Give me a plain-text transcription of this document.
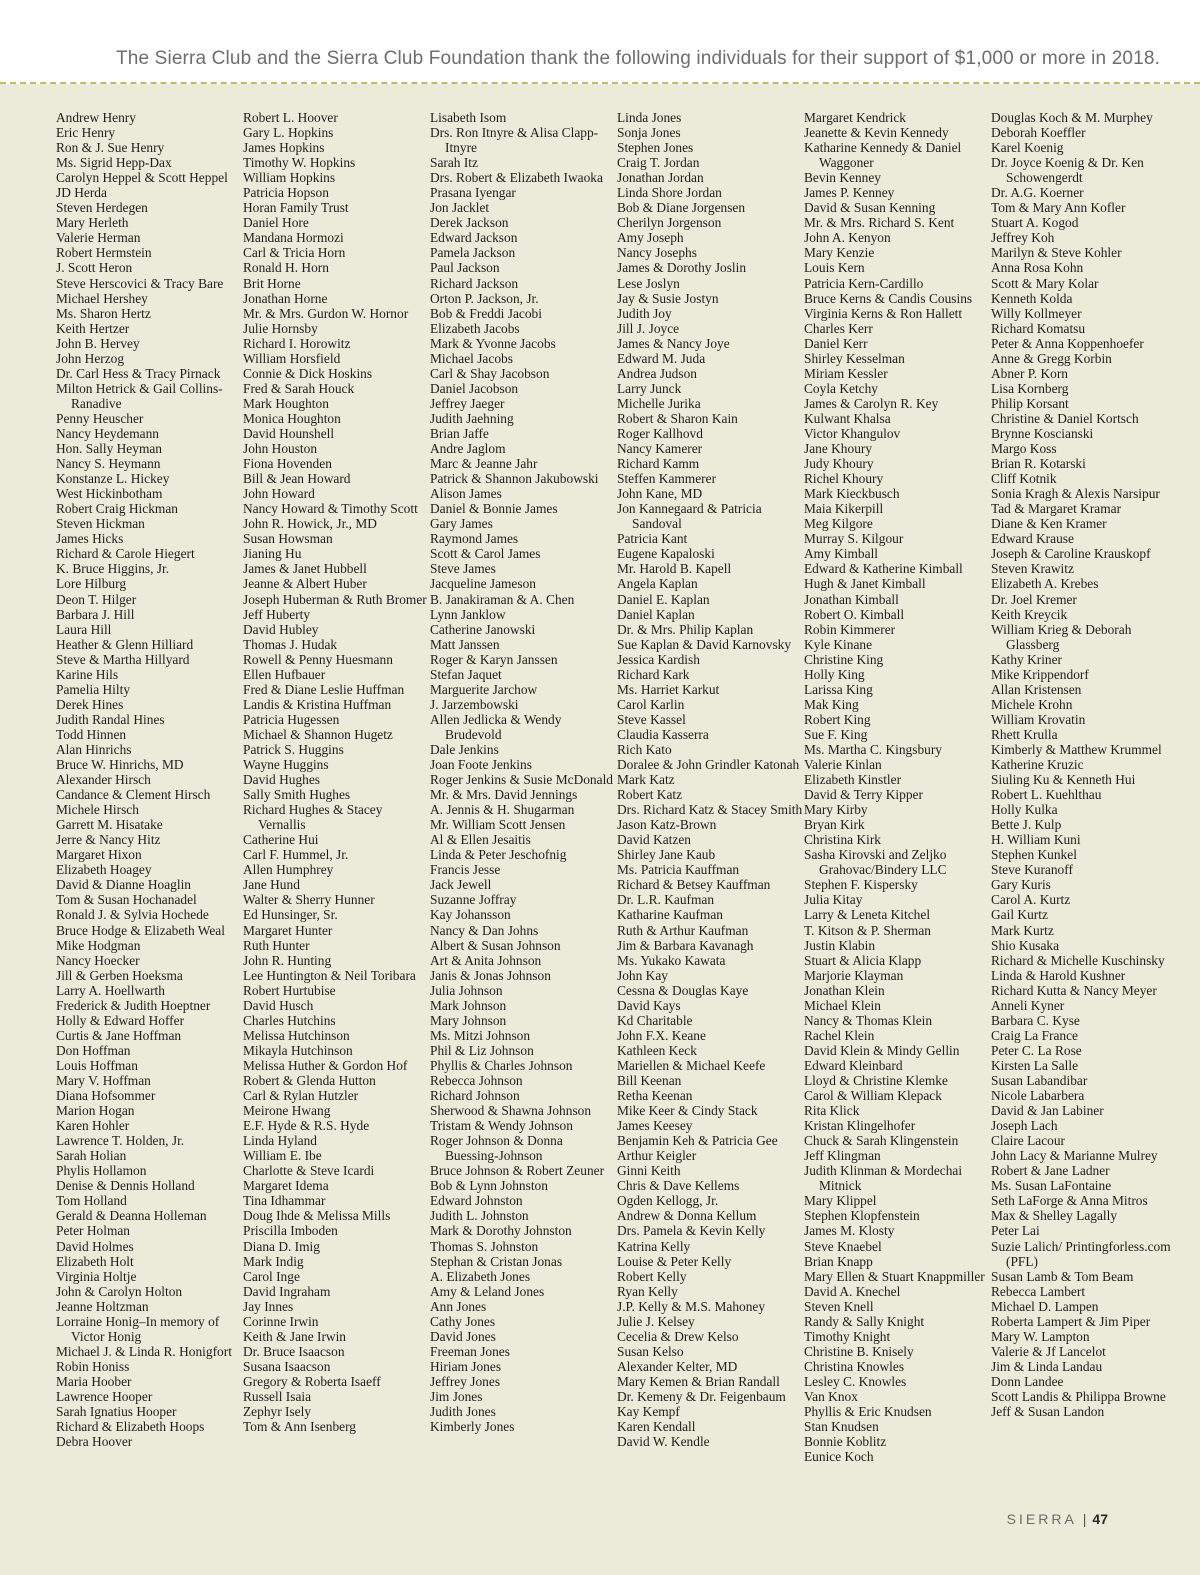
The Sierra Club and the Sierra Club Foundation thank the following individuals for their support of $1,000 or more in 2018.
Andrew Henry
Eric Henry
Ron & J. Sue Henry
Ms. Sigrid Hepp-Dax
Carolyn Heppel & Scott Heppel
JD Herda
Steven Herdegen
Mary Herleth
Valerie Herman
Robert Hermstein
J. Scott Heron
Steve Herscovici & Tracy Bare
Michael Hershey
Ms. Sharon Hertz
Keith Hertzer
John B. Hervey
John Herzog
Dr. Carl Hess & Tracy Pirnack
Milton Hetrick & Gail Collins-Ranadive
Penny Heuscher
Nancy Heydemann
Hon. Sally Heyman
Nancy S. Heymann
Konstanze L. Hickey
West Hickinbotham
Robert Craig Hickman
Steven Hickman
James Hicks
Richard & Carole Hiegert
K. Bruce Higgins, Jr.
Lore Hilburg
Deon T. Hilger
Barbara J. Hill
Laura Hill
Heather & Glenn Hilliard
Steve & Martha Hillyard
Karine Hils
Pamelia Hilty
Derek Hines
Judith Randal Hines
Todd Hinnen
Alan Hinrichs
Bruce W. Hinrichs, MD
Alexander Hirsch
Candance & Clement Hirsch
Michele Hirsch
Garrett M. Hisatake
Jerre & Nancy Hitz
Margaret Hixon
Elizabeth Hoagey
David & Dianne Hoaglin
Tom & Susan Hochanadel
Ronald J. & Sylvia Hochede
Bruce Hodge & Elizabeth Weal
Mike Hodgman
Nancy Hoecker
Jill & Gerben Hoeksma
Larry A. Hoellwarth
Frederick & Judith Hoeptner
Holly & Edward Hoffer
Curtis & Jane Hoffman
Don Hoffman
Louis Hoffman
Mary V. Hoffman
Diana Hofsommer
Marion Hogan
Karen Hohler
Lawrence T. Holden, Jr.
Sarah Holian
Phylis Hollamon
Denise & Dennis Holland
Tom Holland
Gerald & Deanna Holleman
Peter Holman
David Holmes
Elizabeth Holt
Virginia Holtje
John & Carolyn Holton
Jeanne Holtzman
Lorraine Honig–In memory of Victor Honig
Michael J. & Linda R. Honigfort
Robin Honiss
Maria Hoober
Lawrence Hooper
Sarah Ignatius Hooper
Richard & Elizabeth Hoops
Debra Hoover
Robert L. Hoover
Gary L. Hopkins
James Hopkins
Timothy W. Hopkins
William Hopkins
Patricia Hopson
Horan Family Trust
Daniel Hore
Mandana Hormozi
Carl & Tricia Horn
Ronald H. Horn
Brit Horne
Jonathan Horne
Mr. & Mrs. Gurdon W. Hornor
Julie Hornsby
Richard I. Horowitz
William Horsfield
Connie & Dick Hoskins
Fred & Sarah Houck
Mark Houghton
Monica Houghton
David Hounshell
John Houston
Fiona Hovenden
Bill & Jean Howard
John Howard
Nancy Howard & Timothy Scott
John R. Howick, Jr., MD
Susan Howsman
Jianing Hu
James & Janet Hubbell
Jeanne & Albert Huber
Joseph Huberman & Ruth Bromer
Jeff Huberty
David Hubley
Thomas J. Hudak
Rowell & Penny Huesmann
Ellen Hufbauer
Fred & Diane Leslie Huffman
Landis & Kristina Huffman
Patricia Hugessen
Michael & Shannon Hugetz
Patrick S. Huggins
Wayne Huggins
David Hughes
Sally Smith Hughes
Richard Hughes & Stacey Vernallis
Catherine Hui
Carl F. Hummel, Jr.
Allen Humphrey
Jane Hund
Walter & Sherry Hunner
Ed Hunsinger, Sr.
Margaret Hunter
Ruth Hunter
John R. Hunting
Lee Huntington & Neil Toribara
Robert Hurtubise
David Husch
Charles Hutchins
Melissa Hutchinson
Mikayla Hutchinson
Melissa Huther & Gordon Hof
Robert & Glenda Hutton
Carl & Rylan Hutzler
Meirone Hwang
E.F. Hyde & R.S. Hyde
Linda Hyland
William E. Ibe
Charlotte & Steve Icardi
Margaret Idema
Tina Idhammar
Doug Ihde & Melissa Mills
Priscilla Imboden
Diana D. Imig
Mark Indig
Carol Inge
David Ingraham
Jay Innes
Corinne Irwin
Keith & Jane Irwin
Dr. Bruce Isaacson
Susana Isaacson
Gregory & Roberta Isaeff
Russell Isaia
Zephyr Isely
Tom & Ann Isenberg
Lisabeth Isom
Drs. Ron Itnyre & Alisa Clapp-Itnyre
Sarah Itz
Drs. Robert & Elizabeth Iwaoka
Prasana Iyengar
Jon Jacklet
Derek Jackson
Edward Jackson
Pamela Jackson
Paul Jackson
Richard Jackson
Orton P. Jackson, Jr.
Bob & Freddi Jacobi
Elizabeth Jacobs
Mark & Yvonne Jacobs
Michael Jacobs
Carl & Shay Jacobson
Daniel Jacobson
Jeffrey Jaeger
Judith Jaehning
Brian Jaffe
Andre Jaglom
Marc & Jeanne Jahr
Patrick & Shannon Jakubowski
Alison James
Daniel & Bonnie James
Gary James
Raymond James
Scott & Carol James
Steve James
Jacqueline Jameson
B. Janakiraman & A. Chen
Lynn Janklow
Catherine Janowski
Matt Janssen
Roger & Karyn Janssen
Stefan Jaquet
Marguerite Jarchow
J. Jarzembowski
Allen Jedlicka & Wendy Brudevold
Dale Jenkins
Joan Foote Jenkins
Roger Jenkins & Susie McDonald
Mr. & Mrs. David Jennings
A. Jennis & H. Shugarman
Mr. William Scott Jensen
Al & Ellen Jesaitis
Linda & Peter Jeschofnig
Francis Jesse
Jack Jewell
Suzanne Joffray
Kay Johansson
Nancy & Dan Johns
Albert & Susan Johnson
Art & Anita Johnson
Janis & Jonas Johnson
Julia Johnson
Mark Johnson
Mary Johnson
Ms. Mitzi Johnson
Phil & Liz Johnson
Phyllis & Charles Johnson
Rebecca Johnson
Richard Johnson
Sherwood & Shawna Johnson
Tristam & Wendy Johnson
Roger Johnson & Donna Buessing-Johnson
Bruce Johnson & Robert Zeuner
Bob & Lynn Johnston
Edward Johnston
Judith L. Johnston
Mark & Dorothy Johnston
Thomas S. Johnston
Stephan & Cristan Jonas
A. Elizabeth Jones
Amy & Leland Jones
Ann Jones
Cathy Jones
David Jones
Freeman Jones
Hiriam Jones
Jeffrey Jones
Jim Jones
Judith Jones
Kimberly Jones
Linda Jones
Sonja Jones
Stephen Jones
Craig T. Jordan
Jonathan Jordan
Linda Shore Jordan
Bob & Diane Jorgensen
Cherilyn Jorgenson
Amy Joseph
Nancy Josephs
James & Dorothy Joslin
Lese Joslyn
Jay & Susie Jostyn
Judith Joy
Jill J. Joyce
James & Nancy Joye
Edward M. Juda
Andrea Judson
Larry Junck
Michelle Jurika
Robert & Sharon Kain
Roger Kallhovd
Nancy Kamerer
Richard Kamm
Steffen Kammerer
John Kane, MD
Jon Kannegaard & Patricia Sandoval
Patricia Kant
Eugene Kapaloski
Mr. Harold B. Kapell
Angela Kaplan
Daniel E. Kaplan
Daniel Kaplan
Dr. & Mrs. Philip Kaplan
Sue Kaplan & David Karnovsky
Jessica Kardish
Richard Kark
Ms. Harriet Karkut
Carol Karlin
Steve Kassel
Claudia Kasserra
Rich Kato
Doralee & John Grindler Katonah
Mark Katz
Robert Katz
Drs. Richard Katz & Stacey Smith
Jason Katz-Brown
David Katzen
Shirley Jane Kaub
Ms. Patricia Kauffman
Richard & Betsey Kauffman
Dr. L.R. Kaufman
Katharine Kaufman
Ruth & Arthur Kaufman
Jim & Barbara Kavanagh
Ms. Yukako Kawata
John Kay
Cessna & Douglas Kaye
David Kays
Kd Charitable
John F.X. Keane
Kathleen Keck
Mariellen & Michael Keefe
Bill Keenan
Retha Keenan
Mike Keer & Cindy Stack
James Keesey
Benjamin Keh & Patricia Gee
Arthur Keigler
Ginni Keith
Chris & Dave Kellems
Ogden Kellogg, Jr.
Andrew & Donna Kellum
Drs. Pamela & Kevin Kelly
Katrina Kelly
Louise & Peter Kelly
Robert Kelly
Ryan Kelly
J.P. Kelly & M.S. Mahoney
Julie J. Kelsey
Cecelia & Drew Kelso
Susan Kelso
Alexander Kelter, MD
Mary Kemen & Brian Randall
Dr. Kemeny & Dr. Feigenbaum
Kay Kempf
Karen Kendall
David W. Kendle
Margaret Kendrick
Jeanette & Kevin Kennedy
Katharine Kennedy & Daniel Waggoner
Bevin Kenney
James P. Kenney
David & Susan Kenning
Mr. & Mrs. Richard S. Kent
John A. Kenyon
Mary Kenzie
Louis Kern
Patricia Kern-Cardillo
Bruce Kerns & Candis Cousins
Virginia Kerns & Ron Hallett
Charles Kerr
Daniel Kerr
Shirley Kesselman
Miriam Kessler
Coyla Ketchy
James & Carolyn R. Key
Kulwant Khalsa
Victor Khangulov
Jane Khoury
Judy Khoury
Richel Khoury
Mark Kieckbusch
Maia Kikerpill
Meg Kilgore
Murray S. Kilgour
Amy Kimball
Edward & Katherine Kimball
Hugh & Janet Kimball
Jonathan Kimball
Robert O. Kimball
Robin Kimmerer
Kyle Kinane
Christine King
Holly King
Larissa King
Mak King
Robert King
Sue F. King
Ms. Martha C. Kingsbury
Valerie Kinlan
Elizabeth Kinstler
David & Terry Kipper
Mary Kirby
Bryan Kirk
Christina Kirk
Sasha Kirovski and Zeljko Grahovac/Bindery LLC
Stephen F. Kispersky
Julia Kitay
Larry & Leneta Kitchel
T. Kitson & P. Sherman
Justin Klabin
Stuart & Alicia Klapp
Marjorie Klayman
Jonathan Klein
Michael Klein
Nancy & Thomas Klein
Rachel Klein
David Klein & Mindy Gellin
Edward Kleinbard
Lloyd & Christine Klemke
Carol & William Klepack
Rita Klick
Kristan Klingelhofer
Chuck & Sarah Klingenstein
Jeff Klingman
Judith Klinman & Mordechai Mitnick
Mary Klippel
Stephen Klopfenstein
James M. Klosty
Steve Knaebel
Brian Knapp
Mary Ellen & Stuart Knappmiller
David A. Knechel
Steven Knell
Randy & Sally Knight
Timothy Knight
Christine B. Knisely
Christina Knowles
Lesley C. Knowles
Van Knox
Phyllis & Eric Knudsen
Stan Knudsen
Bonnie Koblitz
Eunice Koch
Douglas Koch & M. Murphey
Deborah Koeffler
Karel Koenig
Dr. Joyce Koenig & Dr. Ken Schowengerdt
Dr. A.G. Koerner
Tom & Mary Ann Kofler
Stuart A. Kogod
Jeffrey Koh
Marilyn & Steve Kohler
Anna Rosa Kohn
Scott & Mary Kolar
Kenneth Kolda
Willy Kollmeyer
Richard Komatsu
Peter & Anna Koppenhoefer
Anne & Gregg Korbin
Abner P. Korn
Lisa Kornberg
Philip Korsant
Christine & Daniel Kortsch
Brynne Koscianski
Margo Koss
Brian R. Kotarski
Cliff Kotnik
Sonia Kragh & Alexis Narsipur
Tad & Margaret Kramar
Diane & Ken Kramer
Edward Krause
Joseph & Caroline Krauskopf
Steven Krawitz
Elizabeth A. Krebes
Dr. Joel Kremer
Keith Kreycik
William Krieg & Deborah Glassberg
Kathy Kriner
Mike Krippendorf
Allan Kristensen
Michele Krohn
William Krovatin
Rhett Krulla
Kimberly & Matthew Krummel
Katherine Kruzic
Siuling Ku & Kenneth Hui
Robert L. Kuehlthau
Holly Kulka
Bette J. Kulp
H. William Kuni
Stephen Kunkel
Steve Kuranoff
Gary Kuris
Carol A. Kurtz
Gail Kurtz
Mark Kurtz
Shio Kusaka
Richard & Michelle Kuschinsky
Linda & Harold Kushner
Richard Kutta & Nancy Meyer
Anneli Kyner
Barbara C. Kyse
Craig La France
Peter C. La Rose
Kirsten La Salle
Susan Labandibar
Nicole Labarbera
David & Jan Labiner
Joseph Lach
Claire Lacour
John Lacy & Marianne Mulrey
Robert & Jane Ladner
Ms. Susan LaFontaine
Seth LaForge & Anna Mitros
Max & Shelley Lagally
Peter Lai
Suzie Lalich/ Printingforless.com (PFL)
Susan Lamb & Tom Beam
Rebecca Lambert
Michael D. Lampen
Roberta Lampert & Jim Piper
Mary W. Lampton
Valerie & Jf Lancelot
Jim & Linda Landau
Donn Landee
Scott Landis & Philippa Browne
Jeff & Susan Landon
SIERRA | 47
